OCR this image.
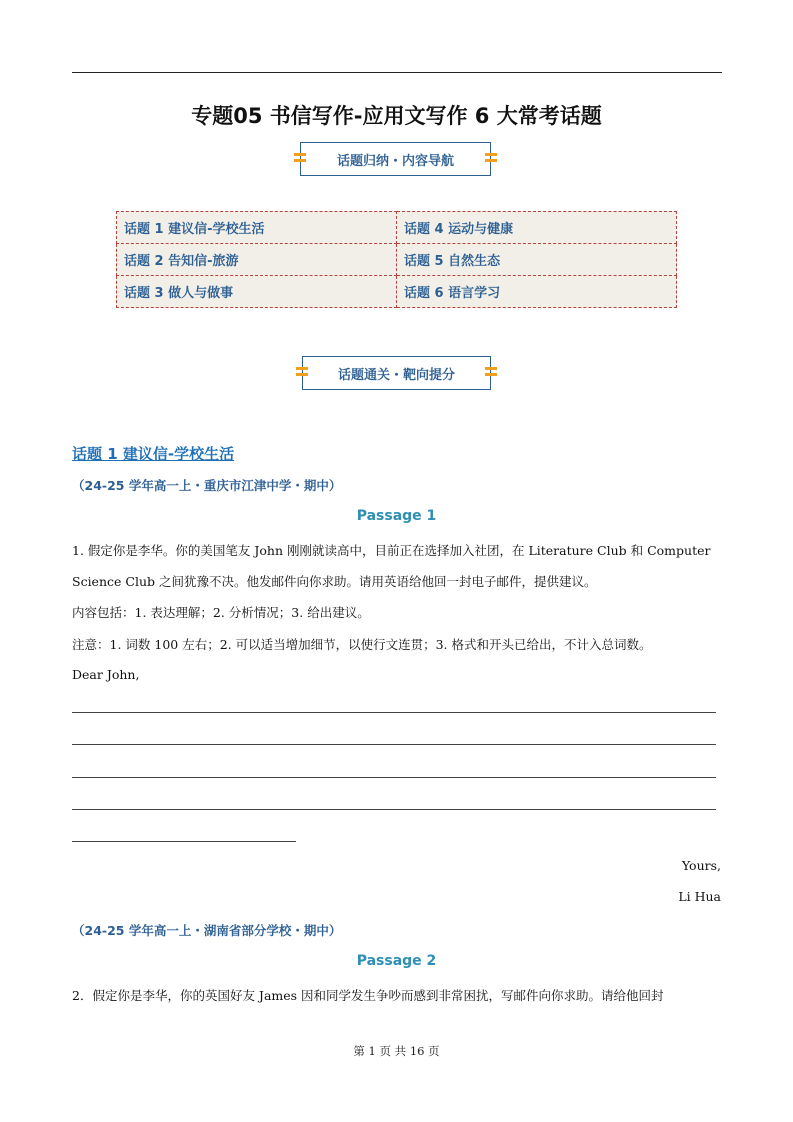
专题05 书信写作-应用文写作 6 大常考话题
话题归纳・内容导航
话题 1 建议信-学校生活	话题 4 运动与健康
话题 2 告知信-旅游	话题 5 自然生态
话题 3 做人与做事	话题 6 语言学习
话题通关・靶向提分
话题 1 建议信-学校生活
（24-25 学年高一上・重庆市江津中学・期中）
Passage 1
1. 假定你是李华。你的美国笔友 John 刚刚就读高中，目前正在选择加入社团，在 Literature Club 和 Computer
Science Club 之间犹豫不决。他发邮件向你求助。请用英语给他回一封电子邮件，提供建议。
内容包括：1. 表达理解；2. 分析情况；3. 给出建议。
注意：1. 词数 100 左右；2. 可以适当增加细节，以使行文连贯；3. 格式和开头已给出，不计入总词数。
Dear John,
Yours,
Li Hua
（24-25 学年高一上・湖南省部分学校・期中）
Passage 2
2．假定你是李华，你的英国好友 James 因和同学发生争吵而感到非常困扰，写邮件向你求助。请给他回封
第 1 页 共 16 页
